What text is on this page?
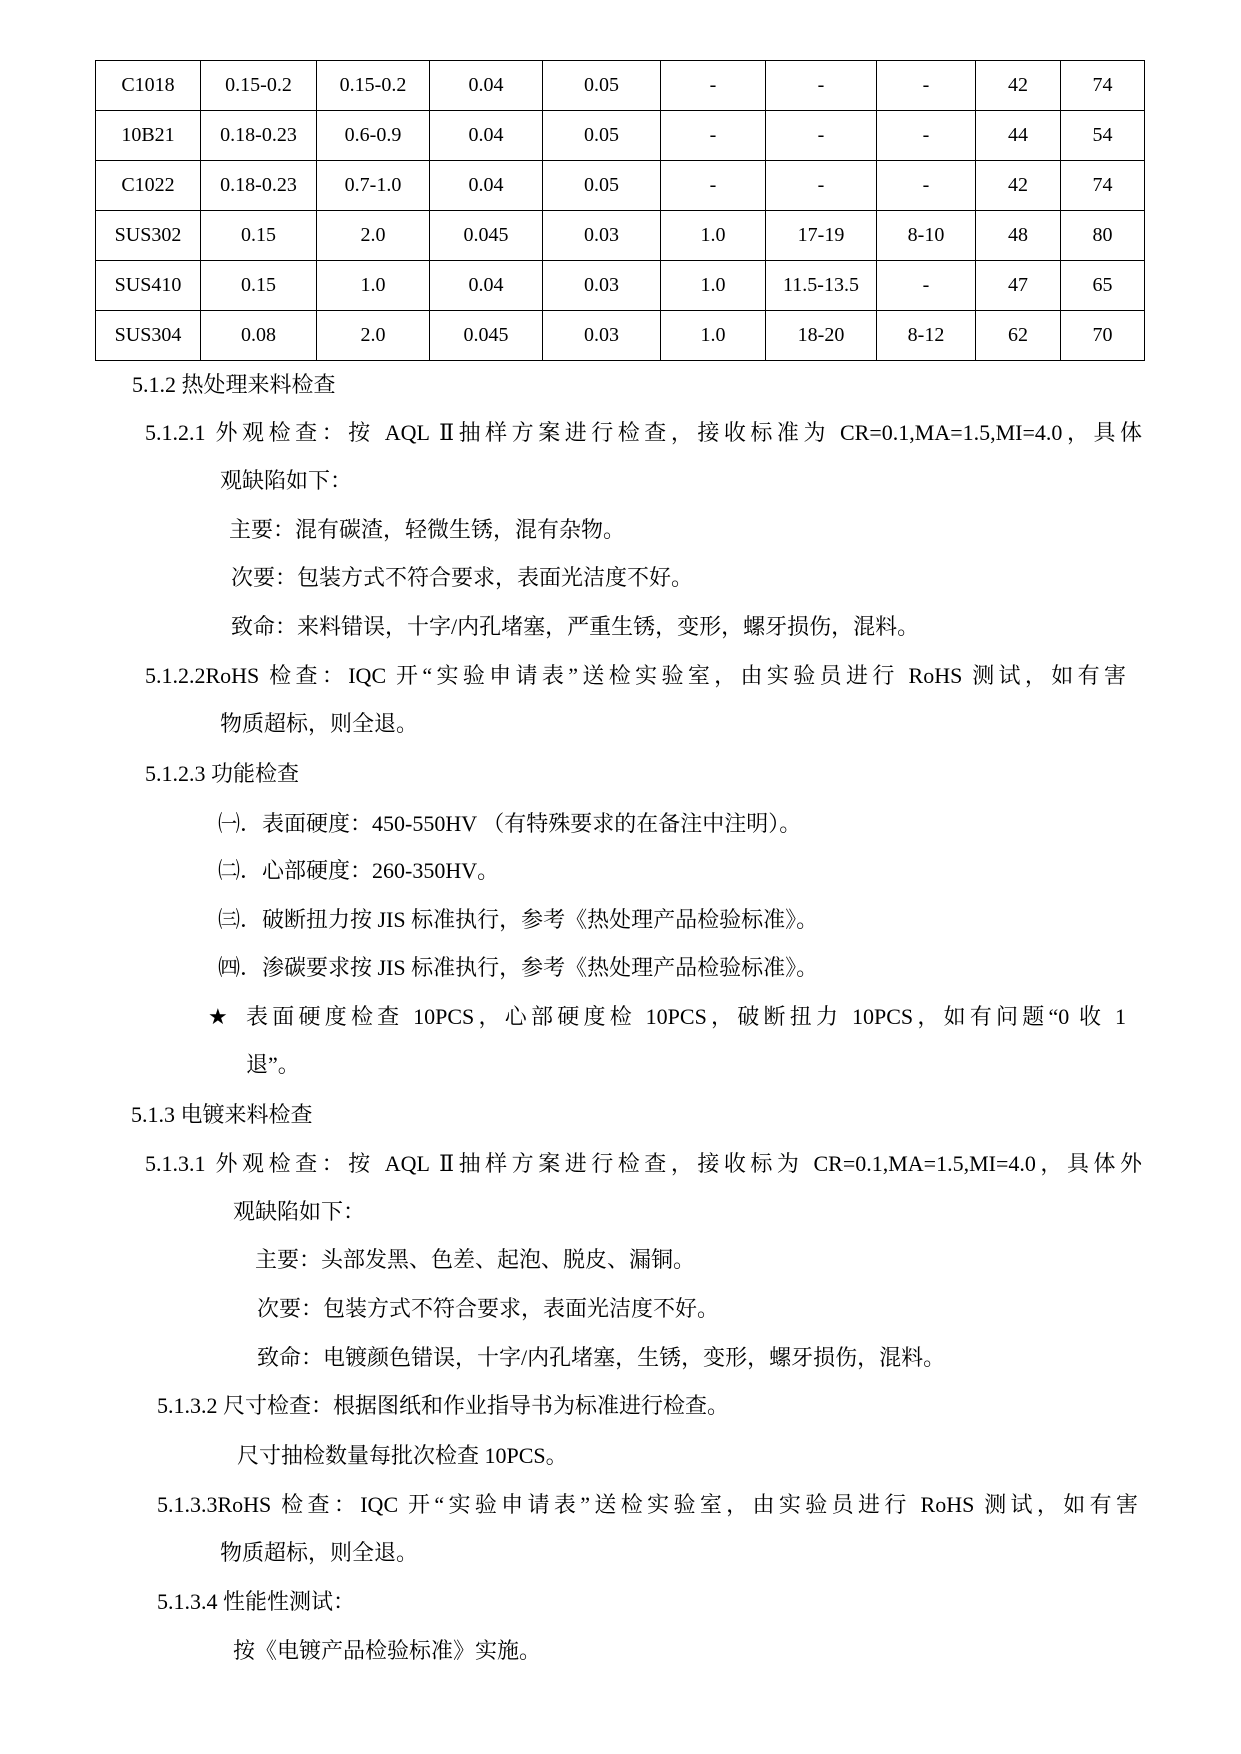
C1018	0.15-0.2	0.15-0.2	0.04	0.05	-	-	-	42	74
10B21	0.18-0.23	0.6-0.9	0.04	0.05	-	-	-	44	54
C1022	0.18-0.23	0.7-1.0	0.04	0.05	-	-	-	42	74
SUS302	0.15	2.0	0.045	0.03	1.0	17-19	8-10	48	80
SUS410	0.15	1.0	0.04	0.03	1.0	11.5-13.5	-	47	65
SUS304	0.08	2.0	0.045	0.03	1.0	18-20	8-12	62	70
5.1.2 热处理来料检查
5.1.2.1 外观检查：按 AQL Ⅱ抽样方案进行检查，接收标准为 CR=0.1,MA=1.5,MI=4.0，具体
观缺陷如下：
主要：混有碳渣，轻微生锈，混有杂物。
次要：包装方式不符合要求，表面光洁度不好。
致命：来料错误，十字/内孔堵塞，严重生锈，变形，螺牙损伤，混料。
5.1.2.2RoHS 检查：IQC 开“实验申请表”送检实验室，由实验员进行 RoHS 测试，如有害
物质超标，则全退。
5.1.2.3 功能检查
㈠．表面硬度：450-550HV （有特殊要求的在备注中注明）。
㈡．心部硬度：260-350HV。
㈢．破断扭力按 JIS 标准执行，参考《热处理产品检验标准》。
㈣．渗碳要求按 JIS 标准执行，参考《热处理产品检验标准》。
★ 表面硬度检查 10PCS，心部硬度检 10PCS，破断扭力 10PCS，如有问题“0 收 1
退”。
5.1.3 电镀来料检查
5.1.3.1 外观检查：按 AQL Ⅱ抽样方案进行检查，接收标为 CR=0.1,MA=1.5,MI=4.0，具体外
观缺陷如下：
主要：头部发黑、色差、起泡、脱皮、漏铜。
次要：包装方式不符合要求，表面光洁度不好。
致命：电镀颜色错误，十字/内孔堵塞，生锈，变形，螺牙损伤，混料。
5.1.3.2 尺寸检查：根据图纸和作业指导书为标准进行检查。
尺寸抽检数量每批次检查 10PCS。
5.1.3.3RoHS 检查：IQC 开“实验申请表”送检实验室，由实验员进行 RoHS 测试，如有害
物质超标，则全退。
5.1.3.4 性能性测试：
按《电镀产品检验标准》实施。
